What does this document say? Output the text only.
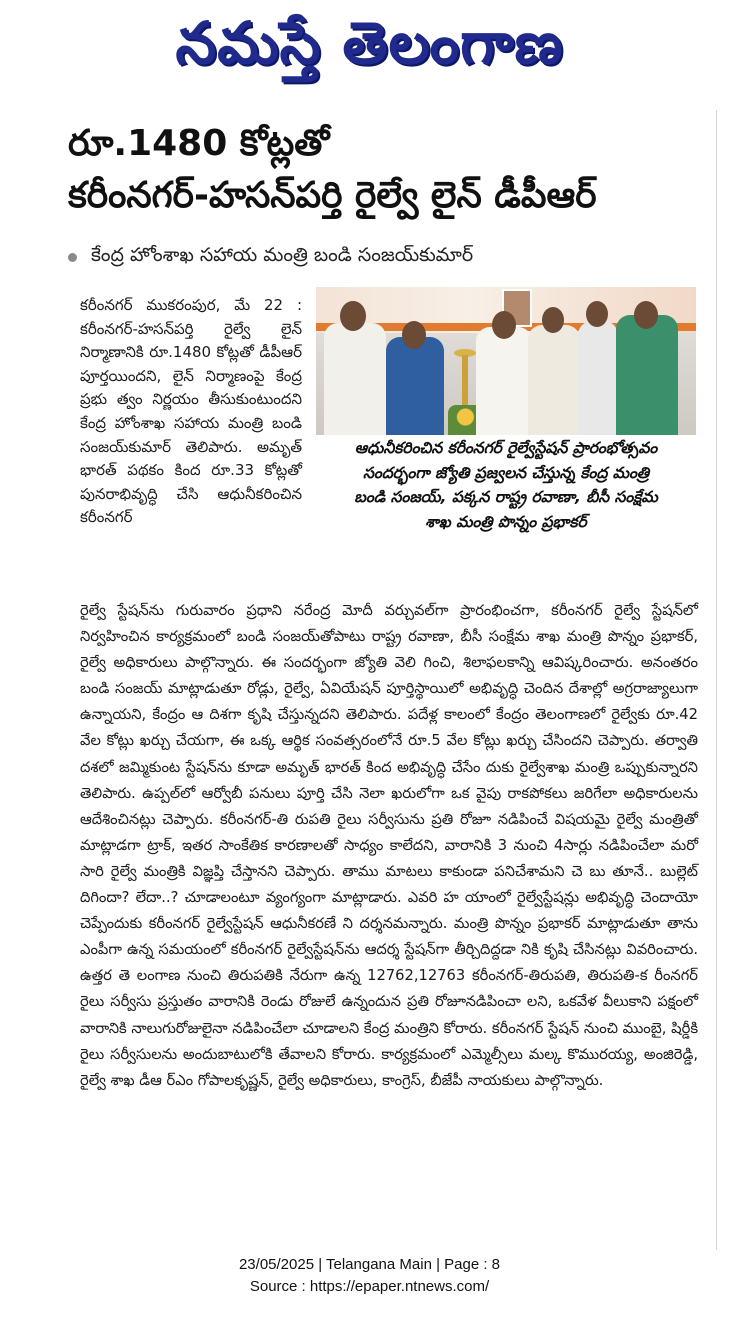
నమస్తే తెలంగాణ
రూ.1480 కోట్లతో
కరీంనగర్-హసన్‌పర్తి రైల్వే లైన్ డీపీఆర్
కేంద్ర హోంశాఖ సహాయ మంత్రి బండి సంజయ్‌కుమార్
కరీంనగర్ ముకరంపుర, మే 22 : కరీంనగర్-హసన్‌పర్తి రైల్వే లైన్ నిర్మాణానికి రూ.1480 కోట్లతో డీపీఆర్ పూర్తయిందని, లైన్ నిర్మాణంపై కేంద్ర ప్రభు త్వం నిర్ణయం తీసుకుంటుందని కేంద్ర హోంశాఖ సహాయ మంత్రి బండి సంజయ్‌కుమార్ తెలిపారు. అమృత్ భారత్ పథకం కింద రూ.33 కోట్లతో పునరాభివృద్ధి చేసి ఆధునీకరించిన కరీంనగర్
ఆధునీకరించిన కరీంనగర్ రైల్వేస్టేషన్ ప్రారంభోత్సవం
సందర్భంగా జ్యోతి ప్రజ్వలన చేస్తున్న కేంద్ర మంత్రి
బండి సంజయ్, పక్కన రాష్ట్ర రవాణా, బీసీ సంక్షేమ
శాఖ మంత్రి పొన్నం ప్రభాకర్
రైల్వే స్టేషన్‌ను గురువారం ప్రధాని నరేంద్ర మోదీ వర్చువల్‌గా ప్రారంభించగా, కరీంనగర్ రైల్వే స్టేషన్‌లో నిర్వహించిన కార్యక్రమంలో బండి సంజయ్‌తోపాటు రాష్ట్ర రవాణా, బీసీ సంక్షేమ శాఖ మంత్రి పొన్నం ప్రభాకర్, రైల్వే అధికారులు పాల్గొన్నారు. ఈ సందర్భంగా జ్యోతి వెలి గించి, శిలాఫలకాన్ని ఆవిష్కరించారు. అనంతరం బండి సంజయ్ మాట్లాడుతూ రోడ్లు, రైల్వే, ఏవియేషన్ పూర్తిస్థాయిలో అభివృద్ధి చెందిన దేశాల్లో అగ్రరాజ్యాలుగా ఉన్నాయని, కేంద్రం ఆ దిశగా కృషి చేస్తున్నదని తెలిపారు. పదేళ్ల కాలంలో కేంద్రం తెలంగాణలో రైల్వేకు రూ.42 వేల కోట్లు ఖర్చు చేయగా, ఈ ఒక్క ఆర్థిక సంవత్సరంలోనే రూ.5 వేల కోట్లు ఖర్చు చేసిందని చెప్పారు. తర్వాతి దశలో జమ్మికుంట స్టేషన్‌ను కూడా అమృత్ భారత్ కింద అభివృద్ధి చేసేం దుకు రైల్వేశాఖ మంత్రి ఒప్పుకున్నారని తెలిపారు. ఉప్పల్‌లో ఆర్వోబీ పనులు పూర్తి చేసి నెలా ఖరులోగా ఒక వైపు రాకపోకలు జరిగేలా అధికారులను ఆదేశించినట్లు చెప్పారు. కరీంనగర్-తి రుపతి రైలు సర్వీసును ప్రతి రోజూ నడిపించే విషయమై రైల్వే మంత్రితో మాట్లాడగా ట్రాక్, ఇతర సాంకేతిక కారణాలతో సాధ్యం కాలేదని, వారానికి 3 నుంచి 4సార్లు నడిపించేలా మరో సారి రైల్వే మంత్రికి విజ్ఞప్తి చేస్తానని చెప్పారు. తాము మాటలు కాకుండా పనిచేశామని చె బు తూనే.. బుల్లెట్ దిగిందా? లేదా..? చూడాలంటూ వ్యంగ్యంగా మాట్లాడారు. ఎవరి హ యాంలో రైల్వేస్టేషన్లు అభివృద్ధి చెందాయో చెప్పేందుకు కరీంనగర్ రైల్వేస్టేషన్ ఆధునీకరణే ని దర్శనమన్నారు. మంత్రి పొన్నం ప్రభాకర్ మాట్లాడుతూ తాను ఎంపీగా ఉన్న సమయంలో కరీంనగర్ రైల్వేస్టేషన్‌ను ఆదర్శ స్టేషన్‌గా తీర్చిదిద్దడా నికి కృషి చేసినట్లు వివరించారు. ఉత్తర తె లంగాణ నుంచి తిరుపతికి నేరుగా ఉన్న 12762,12763 కరీంనగర్-తిరుపతి, తిరుపతి-క రీంనగర్ రైలు సర్వీసు ప్రస్తుతం వారానికి రెండు రోజులే ఉన్నందున ప్రతి రోజూనడిపించా లని, ఒకవేళ వీలుకాని పక్షంలో వారానికి నాలుగురోజులైనా నడిపించేలా చూడాలని కేంద్ర మంత్రిని కోరారు. కరీంనగర్ స్టేషన్ నుంచి ముంబై, షిర్డీకి రైలు సర్వీసులను అందుబాటులోకి తేవాలని కోరారు. కార్యక్రమంలో ఎమ్మెల్సీలు మల్క కొమురయ్య, అంజిరెడ్డి, రైల్వే శాఖ డీఆ ర్ఎం గోపాలకృష్ణన్, రైల్వే అధికారులు, కాంగ్రెస్, బీజేపీ నాయకులు పాల్గొన్నారు.
23/05/2025 | Telangana Main | Page : 8
Source : https://epaper.ntnews.com/
